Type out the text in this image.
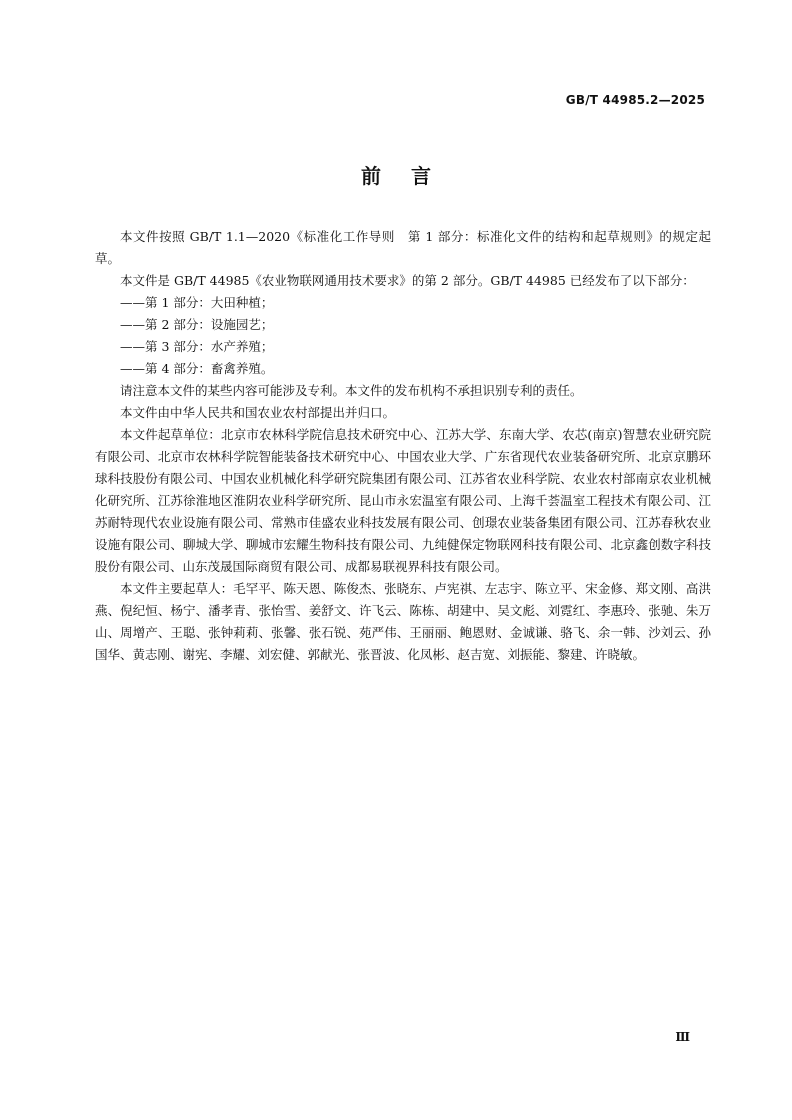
GB/T 44985.2—2025
前言

本文件按照 GB/T 1.1—2020《标准化工作导则　第 1 部分：标准化文件的结构和起草规则》的规定起草。

本文件是 GB/T 44985《农业物联网通用技术要求》的第 2 部分。GB/T 44985 已经发布了以下部分：

——第 1 部分：大田种植；

——第 2 部分：设施园艺；

——第 3 部分：水产养殖；

——第 4 部分：畜禽养殖。

请注意本文件的某些内容可能涉及专利。本文件的发布机构不承担识别专利的责任。

本文件由中华人民共和国农业农村部提出并归口。

本文件起草单位：北京市农林科学院信息技术研究中心、江苏大学、东南大学、农芯(南京)智慧农业研究院有限公司、北京市农林科学院智能装备技术研究中心、中国农业大学、广东省现代农业装备研究所、北京京鹏环球科技股份有限公司、中国农业机械化科学研究院集团有限公司、江苏省农业科学院、农业农村部南京农业机械化研究所、江苏徐淮地区淮阴农业科学研究所、昆山市永宏温室有限公司、上海千荟温室工程技术有限公司、江苏耐特现代农业设施有限公司、常熟市佳盛农业科技发展有限公司、创璟农业装备集团有限公司、江苏春秋农业设施有限公司、聊城大学、聊城市宏耀生物科技有限公司、九纯健保定物联网科技有限公司、北京鑫创数字科技股份有限公司、山东茂晟国际商贸有限公司、成都易联视界科技有限公司。

本文件主要起草人：毛罕平、陈天恩、陈俊杰、张晓东、卢宪祺、左志宇、陈立平、宋金修、郑文刚、高洪燕、倪纪恒、杨宁、潘孝青、张怡雪、姜舒文、许飞云、陈栋、胡建中、吴文彪、刘霓红、李惠玲、张驰、朱万山、周增产、王聪、张钟莉莉、张馨、张石锐、苑严伟、王丽丽、鲍恩财、金诚谦、骆飞、余一韩、沙刘云、孙国华、黄志刚、谢宪、李耀、刘宏健、郭献光、张晋波、化凤彬、赵吉宽、刘振能、黎建、许晓敏。

Ⅲ
